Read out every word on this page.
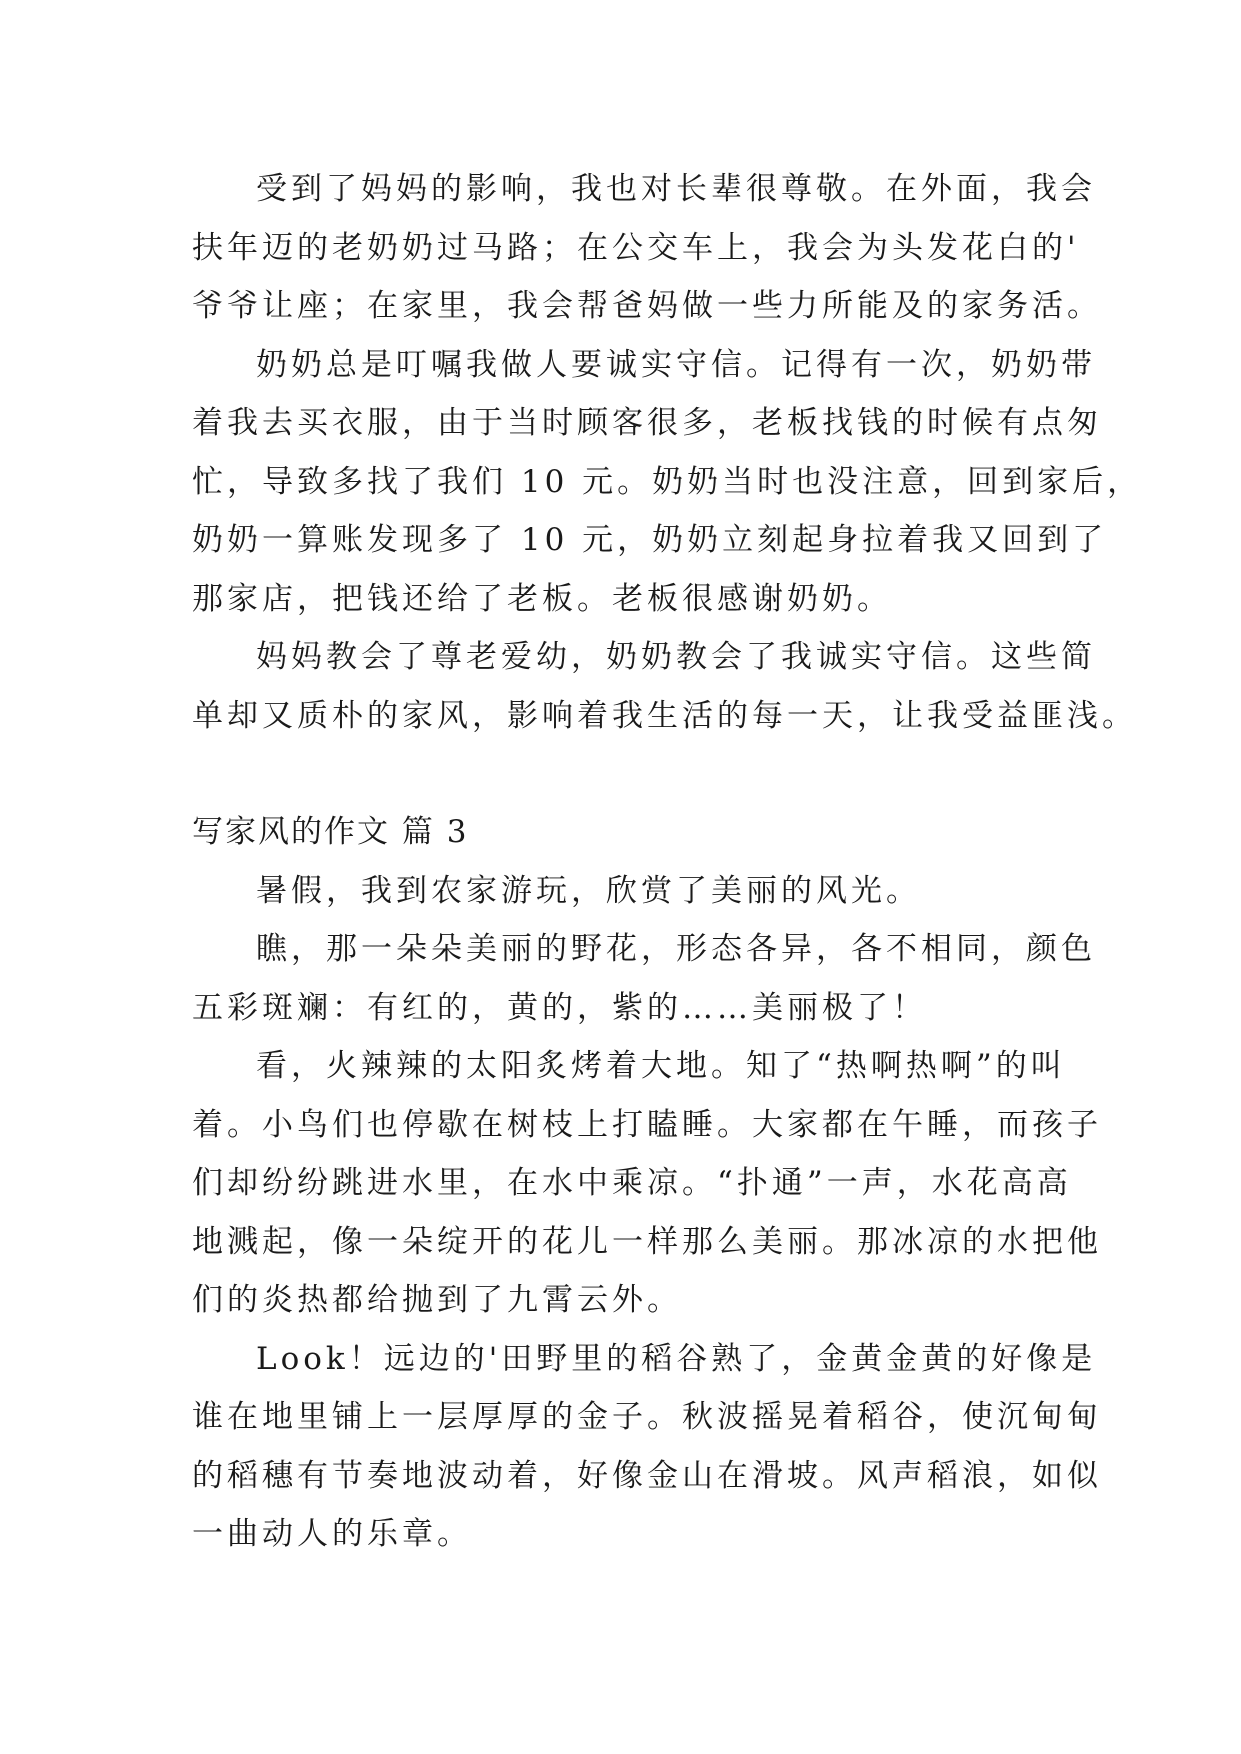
受到了妈妈的影响，我也对长辈很尊敬。在外面，我会
扶年迈的老奶奶过马路；在公交车上，我会为头发花白的'
爷爷让座；在家里，我会帮爸妈做一些力所能及的家务活。

奶奶总是叮嘱我做人要诚实守信。记得有一次，奶奶带
着我去买衣服，由于当时顾客很多，老板找钱的时候有点匆
忙，导致多找了我们 10 元。奶奶当时也没注意，回到家后，
奶奶一算账发现多了 10 元，奶奶立刻起身拉着我又回到了
那家店，把钱还给了老板。老板很感谢奶奶。

妈妈教会了尊老爱幼，奶奶教会了我诚实守信。这些简
单却又质朴的家风，影响着我生活的每一天，让我受益匪浅。

写家风的作文 篇 3

暑假，我到农家游玩，欣赏了美丽的风光。

瞧，那一朵朵美丽的野花，形态各异，各不相同，颜色
五彩斑斓：有红的，黄的，紫的……美丽极了！

看，火辣辣的太阳炙烤着大地。知了“热啊热啊”的叫
着。小鸟们也停歇在树枝上打瞌睡。大家都在午睡，而孩子
们却纷纷跳进水里，在水中乘凉。“扑通”一声，水花高高
地溅起，像一朵绽开的花儿一样那么美丽。那冰凉的水把他
们的炎热都给抛到了九霄云外。

Look！远边的'田野里的稻谷熟了，金黄金黄的好像是
谁在地里铺上一层厚厚的金子。秋波摇晃着稻谷，使沉甸甸
的稻穗有节奏地波动着，好像金山在滑坡。风声稻浪，如似
一曲动人的乐章。
